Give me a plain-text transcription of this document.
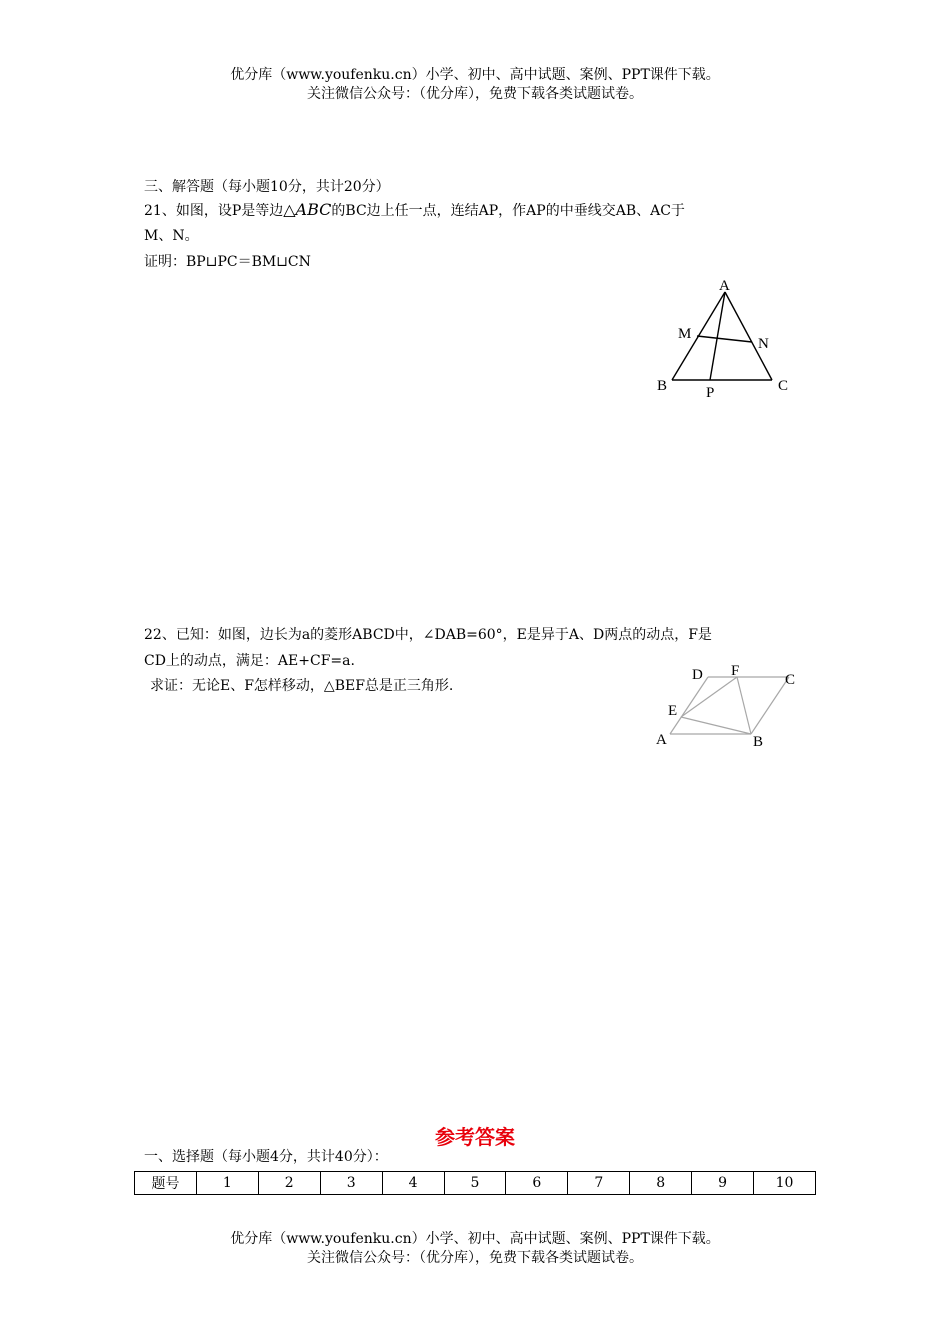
优分库（www.youfenku.cn）小学、初中、高中试题、案例、PPT课件下载。
关注微信公众号：（优分库），免费下载各类试题试卷。
三、解答题（每小题10分，共计20分）
21、如图，设P是等边△ABC的BC边上任一点，连结AP，作AP的中垂线交AB、AC于
M、N。
证明：BP⊔PC＝BM⊔CN
A
M
N
B	P	C
22、已知：如图，边长为a的菱形ABCD中，∠DAB=60°，E是异于A、D两点的动点，F是
CD上的动点，满足：AE+CF=a.
求证：无论E、F怎样移动，△BEF总是正三角形.
D F
C
E
A	B
参考答案
一、选择题（每小题4分，共计40分）：
题号	1	2	3	4	5	6	7	8	9	10
优分库（www.youfenku.cn）小学、初中、高中试题、案例、PPT课件下载。
关注微信公众号：（优分库），免费下载各类试题试卷。
